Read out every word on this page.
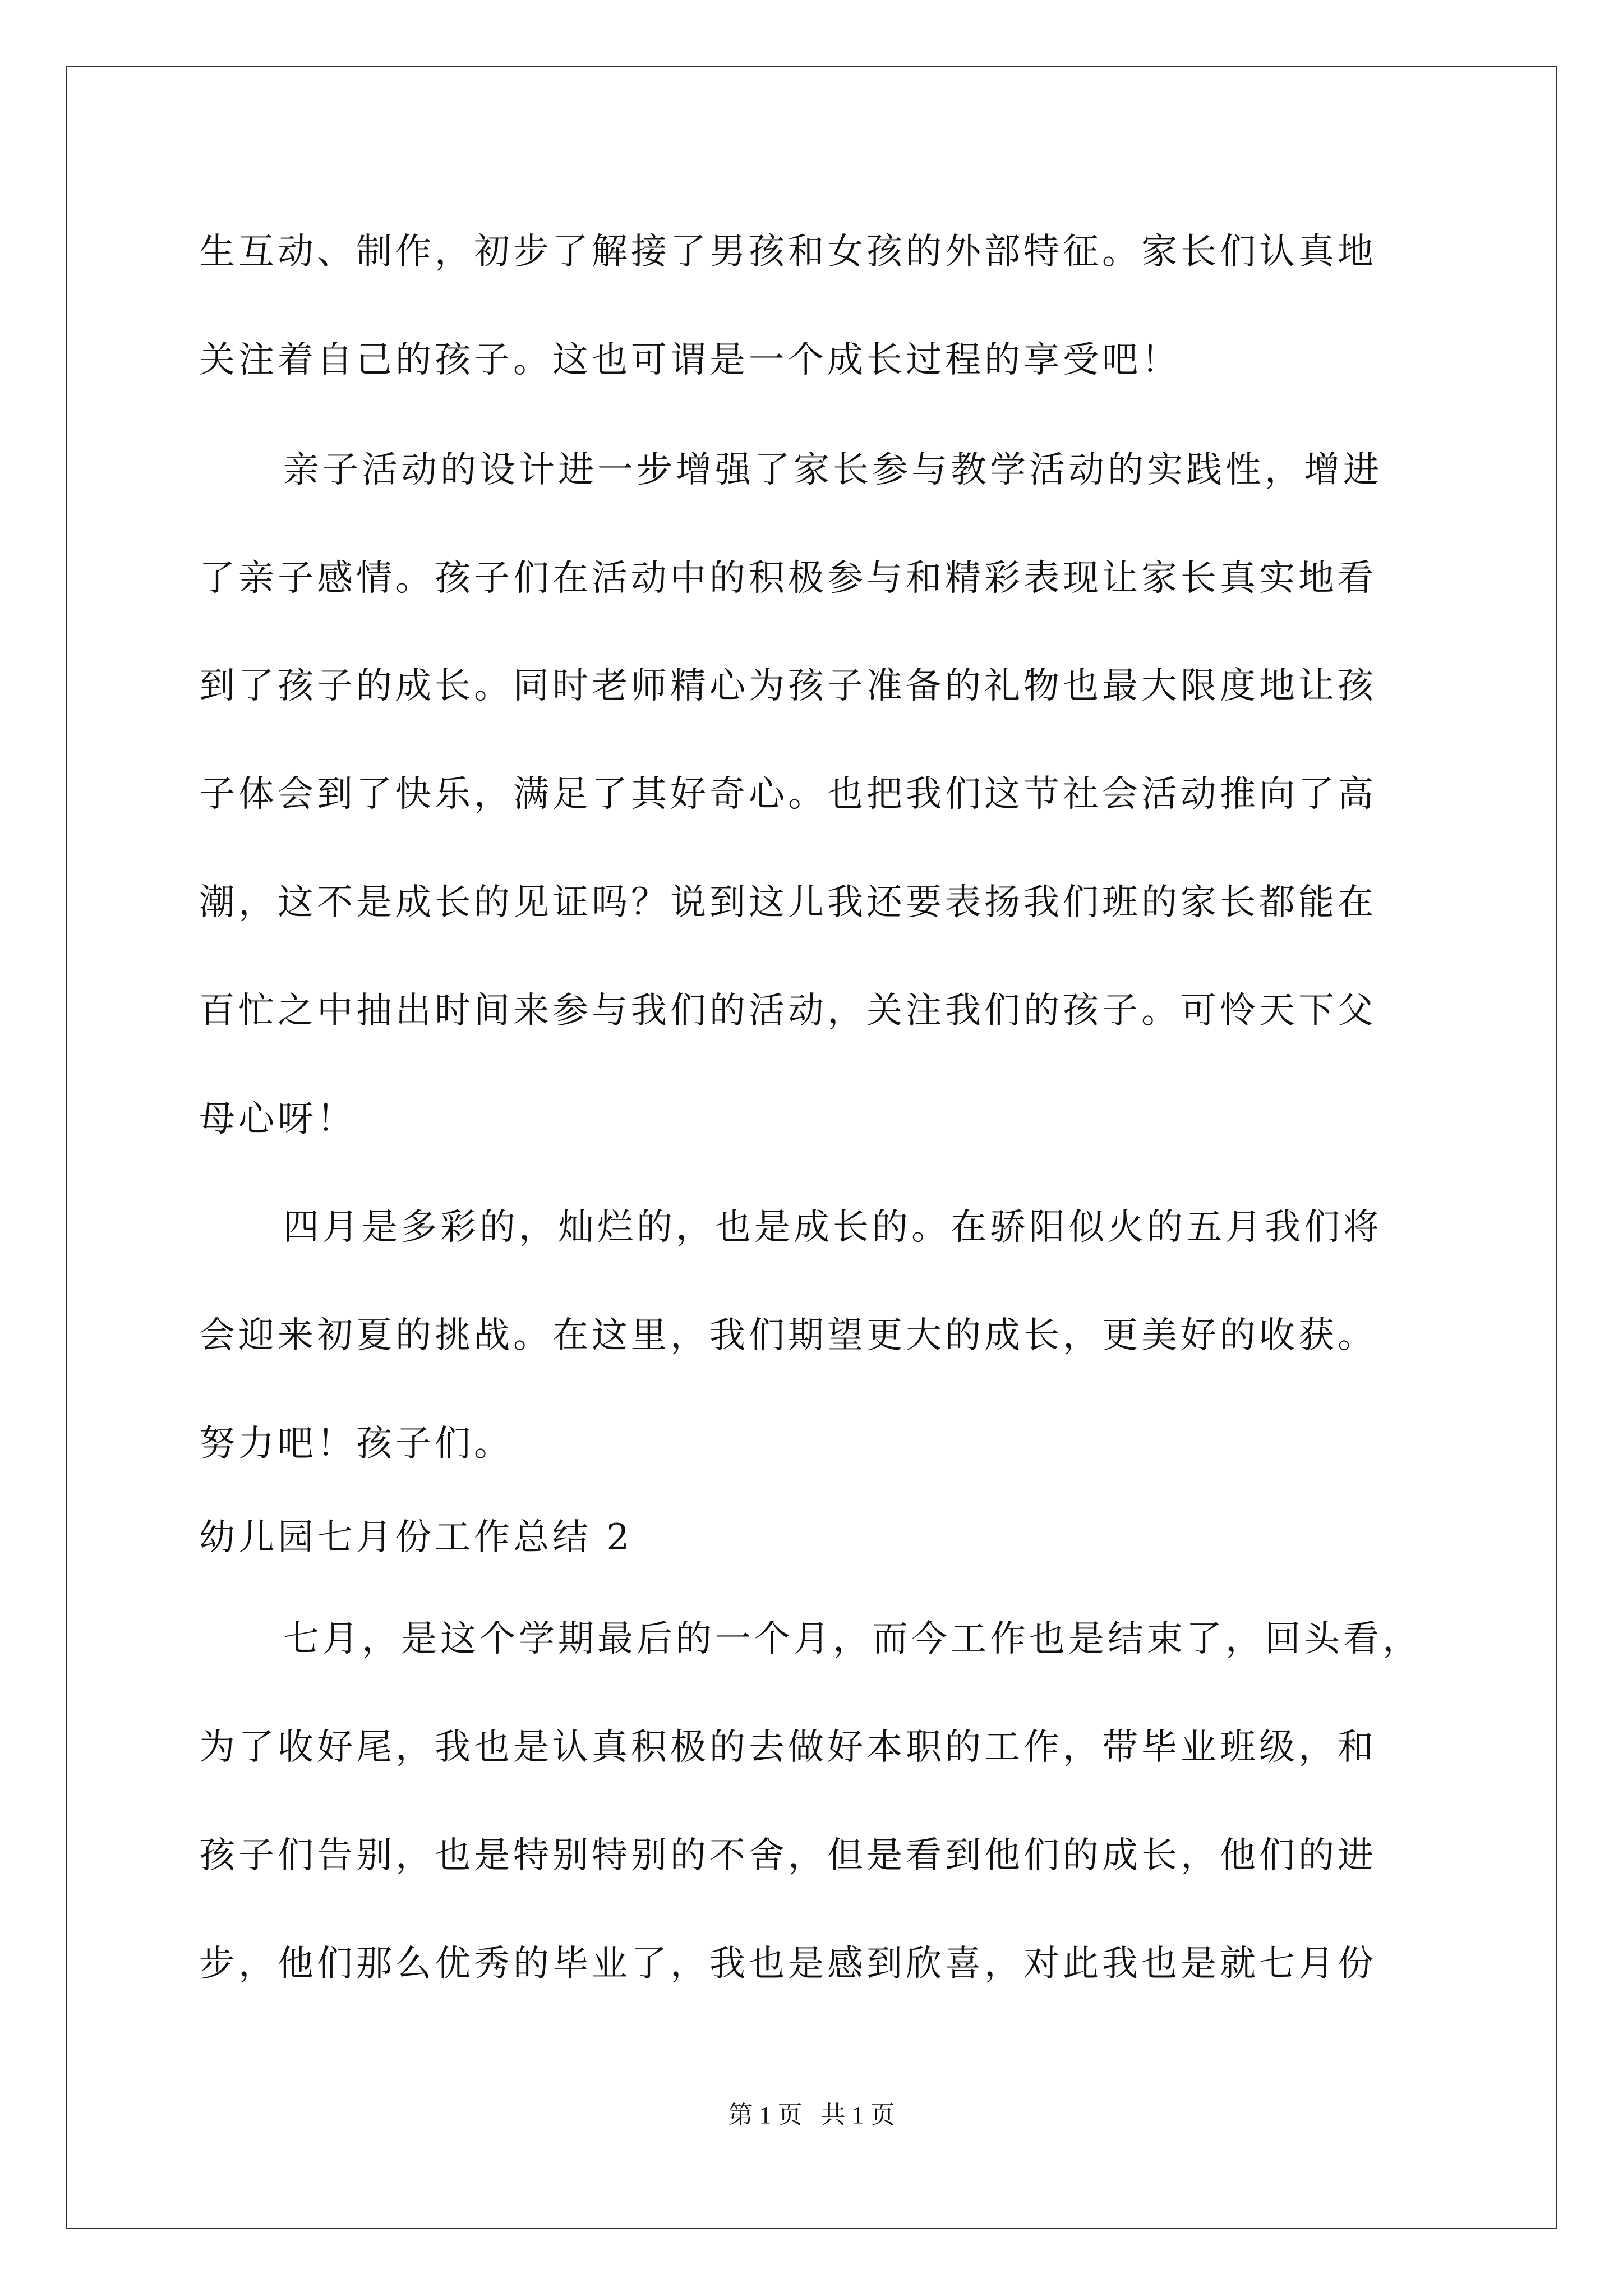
生互动、制作，初步了解接了男孩和女孩的外部特征。家长们认真地
关注着自己的孩子。这也可谓是一个成长过程的享受吧！
亲子活动的设计进一步增强了家长参与教学活动的实践性，增进
了亲子感情。孩子们在活动中的积极参与和精彩表现让家长真实地看
到了孩子的成长。同时老师精心为孩子准备的礼物也最大限度地让孩
子体会到了快乐，满足了其好奇心。也把我们这节社会活动推向了高
潮，这不是成长的见证吗？说到这儿我还要表扬我们班的家长都能在
百忙之中抽出时间来参与我们的活动，关注我们的孩子。可怜天下父
母心呀！
四月是多彩的，灿烂的，也是成长的。在骄阳似火的五月我们将
会迎来初夏的挑战。在这里，我们期望更大的成长，更美好的收获。
努力吧！孩子们。
幼儿园七月份工作总结 2
七月，是这个学期最后的一个月，而今工作也是结束了，回头看，
为了收好尾，我也是认真积极的去做好本职的工作，带毕业班级，和
孩子们告别，也是特别特别的不舍，但是看到他们的成长，他们的进
步，他们那么优秀的毕业了，我也是感到欣喜，对此我也是就七月份
第 1 页 共 1 页
